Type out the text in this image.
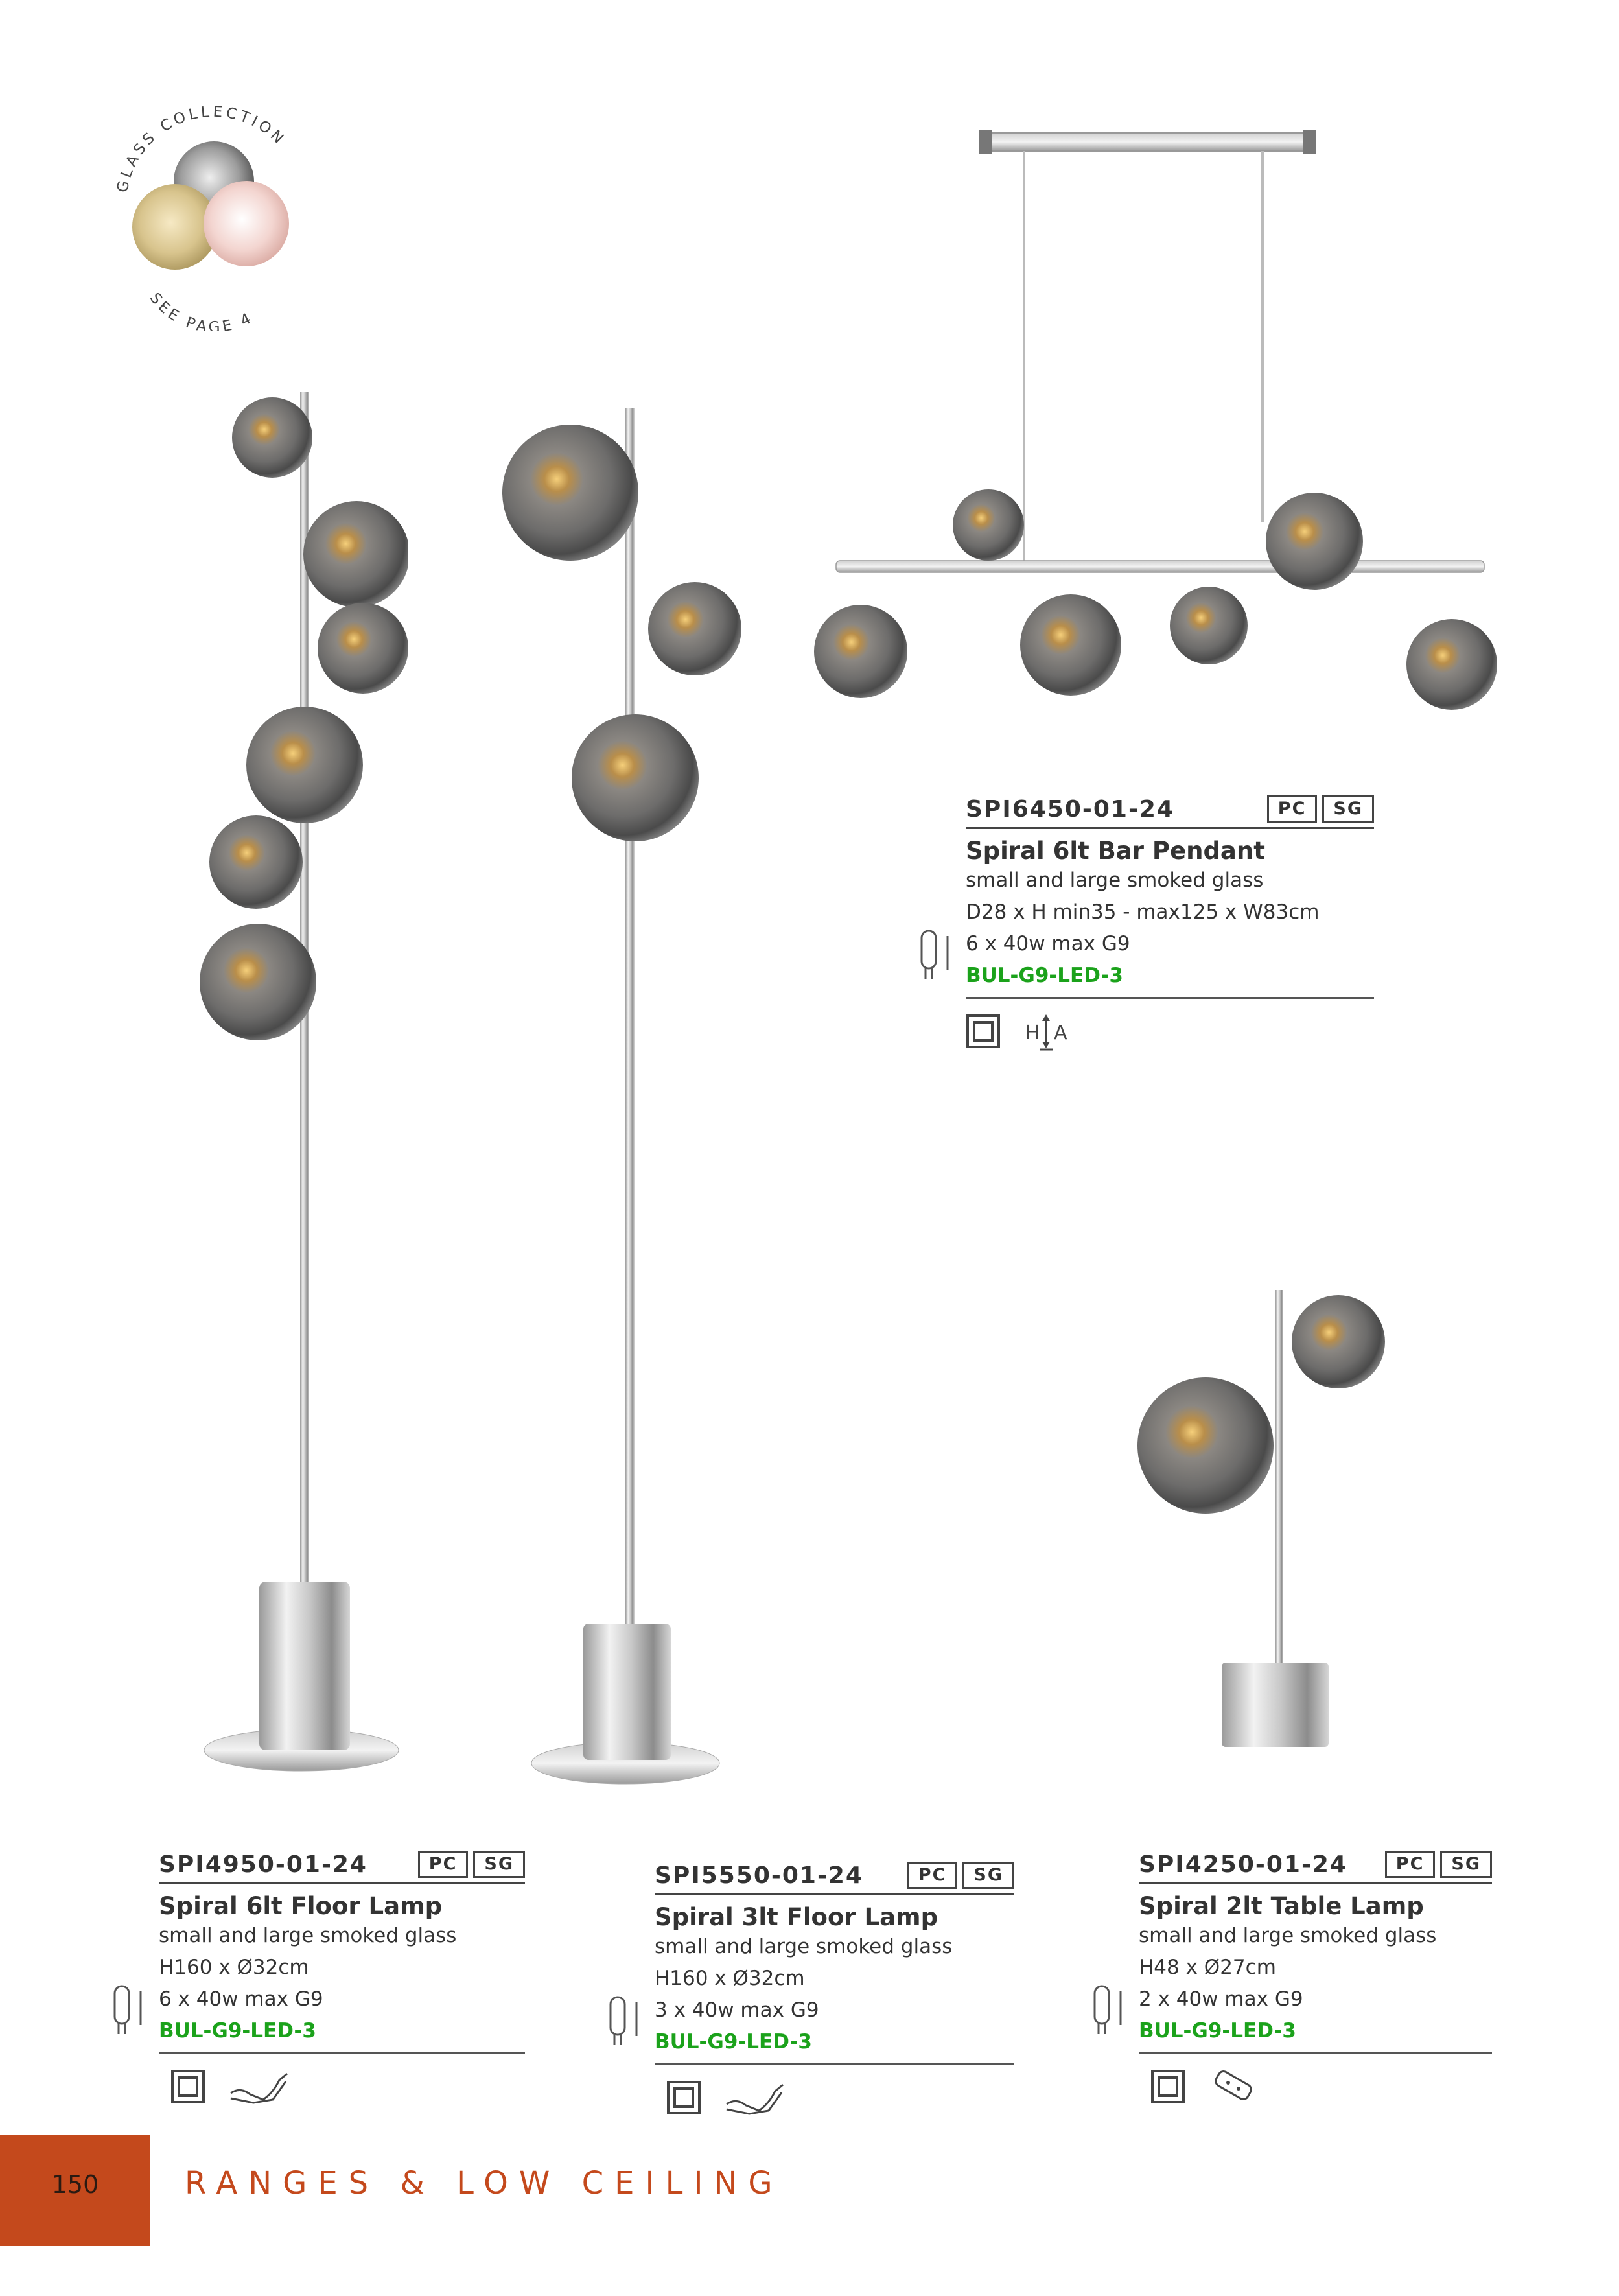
GLASS COLLECTION
SEE PAGE 4
SPI6450-01-24	PC	SG
Spiral 6lt Bar Pendant
small and large smoked glass
D28 x H min35 - max125 x W83cm
6 x 40w max G9
BUL-G9-LED-3
H A
SPI4950-01-24	PC	SG
Spiral 6lt Floor Lamp
small and large smoked glass
H160 x Ø32cm
6 x 40w max G9
BUL-G9-LED-3
SPI5550-01-24	PC	SG
Spiral 3lt Floor Lamp
small and large smoked glass
H160 x Ø32cm
3 x 40w max G9
BUL-G9-LED-3
SPI4250-01-24	PC	SG
Spiral 2lt Table Lamp
small and large smoked glass
H48 x Ø27cm
2 x 40w max G9
BUL-G9-LED-3
150	RANGES & LOW CEILING
